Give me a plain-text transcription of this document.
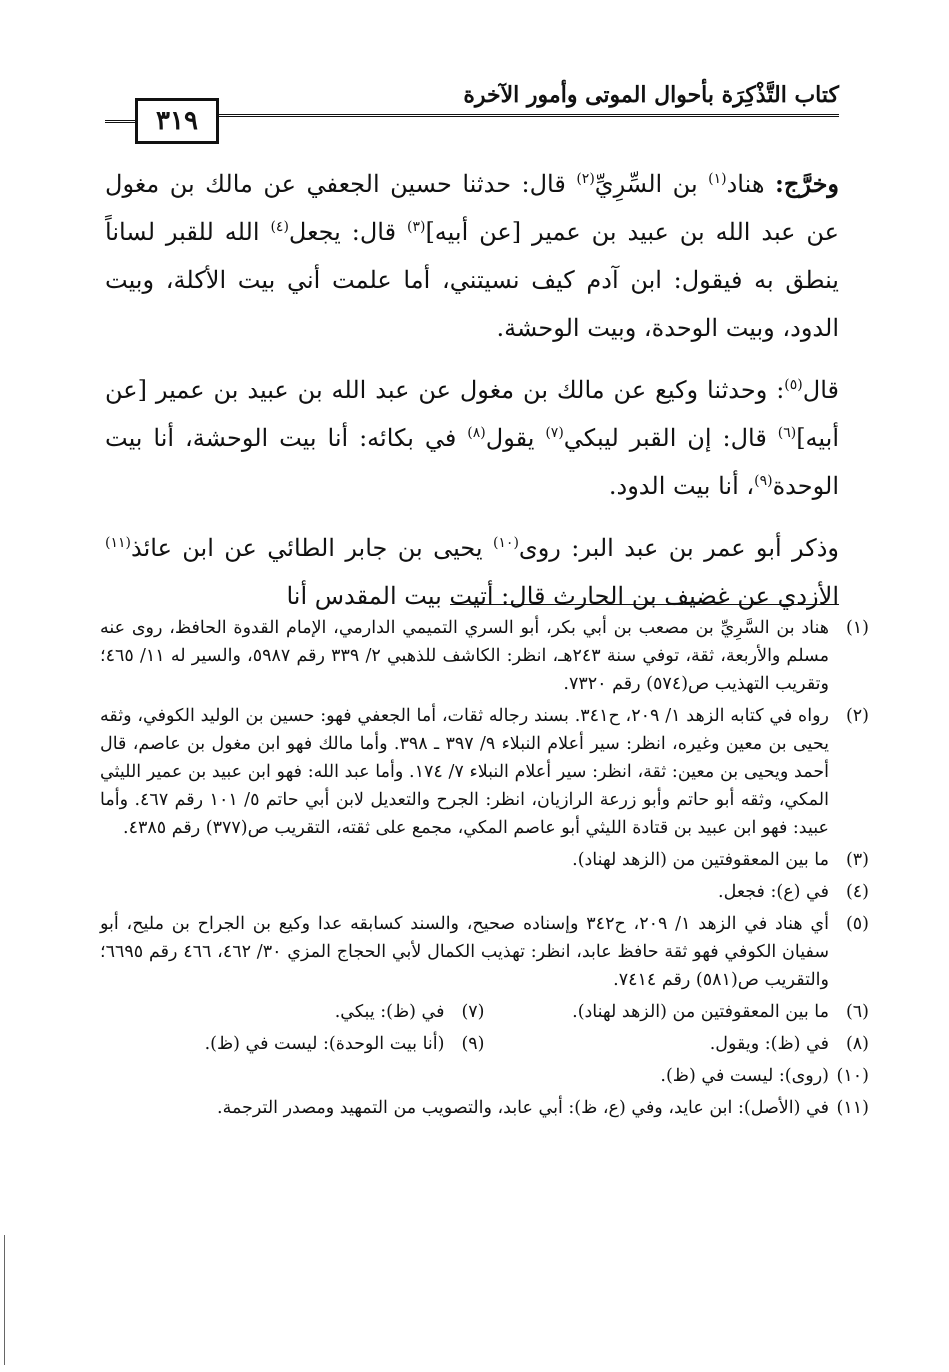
كتاب التَّذْكِرَة بأحوال الموتى وأمور الآخرة
٣١٩

وخرَّج: هناد$^{(١)}$ بن السِّرِيِّ$^{(٢)}$ قال: حدثنا حسين الجعفي عن مالك بن مغول عن عبد الله بن عبيد بن عمير [عن أبيه]$^{(٣)}$ قال: يجعل$^{(٤)}$ الله للقبر لساناً ينطق به فيقول: ابن آدم كيف نسيتني، أما علمت أني بيت الأكلة، وبيت الدود، وبيت الوحدة، وبيت الوحشة.

قال$^{(٥)}$: وحدثنا وكيع عن مالك بن مغول عن عبد الله بن عبيد بن عمير [عن أبيه]$^{(٦)}$ قال: إن القبر ليبكي$^{(٧)}$ يقول$^{(٨)}$ في بكائه: أنا بيت الوحشة، أنا بيت الوحدة$^{(٩)}$، أنا بيت الدود.

وذكر أبو عمر بن عبد البر: روى$^{(١٠)}$ يحيى بن جابر الطائي عن ابن عائذ$^{(١١)}$ الأزدي عن غضيف بن الحارث قال: أتيت بيت المقدس أنا

(١)
هناد بن السَّرِيِّ بن مصعب بن أبي بكر، أبو السري التميمي الدارمي، الإمام القدوة الحافظ، روى عنه مسلم والأربعة، ثقة، توفي سنة ٢٤٣هـ، انظر: الكاشف للذهبي ٢/ ٣٣٩ رقم ٥٩٨٧، والسير له ١١/ ٤٦٥؛ وتقريب التهذيب ص(٥٧٤) رقم ٧٣٢٠.
(٢)
رواه في كتابه الزهد ١/ ٢٠٩، ح٣٤١. بسند رجاله ثقات، أما الجعفي فهو: حسين بن الوليد الكوفي، وثقه يحيى بن معين وغيره، انظر: سير أعلام النبلاء ٩/ ٣٩٧ ـ ٣٩٨. وأما مالك فهو ابن مغول بن عاصم، قال أحمد ويحيى بن معين: ثقة، انظر: سير أعلام النبلاء ٧/ ١٧٤. وأما عبد الله: فهو ابن عبيد بن عمير الليثي المكي، وثقه أبو حاتم وأبو زرعة الرازيان، انظر: الجرح والتعديل لابن أبي حاتم ٥/ ١٠١ رقم ٤٦٧. وأما عبيد: فهو ابن عبيد بن قتادة الليثي أبو عاصم المكي، مجمع على ثقته، التقريب ص(٣٧٧) رقم ٤٣٨٥.
(٣)
ما بين المعقوفتين من (الزهد لهناد).
(٤)
في (ع): فجعل.
(٥)
أي هناد في الزهد ١/ ٢٠٩، ح٣٤٢ وإسناده صحيح، والسند كسابقه عدا وكيع بن الجراح بن مليح، أبو سفيان الكوفي فهو ثقة حافظ عابد، انظر: تهذيب الكمال لأبي الحجاج المزي ٣٠/ ٤٦٢، ٤٦٦ رقم ٦٦٩٥؛ والتقريب ص(٥٨١) رقم ٧٤١٤.
(٦)
ما بين المعقوفتين من (الزهد لهناد).
(٧)
في (ظ): يبكي.
(٨)
في (ظ): ويقول.
(٩)
(أنا بيت الوحدة): ليست في (ظ).
(١٠)
(روى): ليست في (ظ).
(١١)
في (الأصل): ابن عايد، وفي (ع، ظ): أبي عابد، والتصويب من التمهيد ومصدر الترجمة.
